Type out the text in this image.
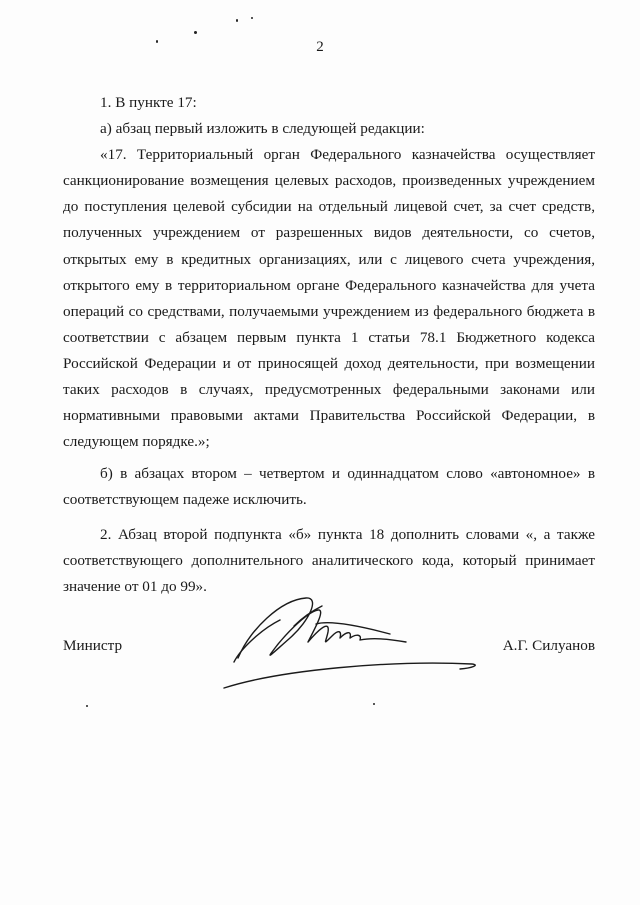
2

1. В пункте 17:

а) абзац первый изложить в следующей редакции:

«17. Территориальный орган Федерального казначейства осуществляет санкционирование возмещения целевых расходов, произведенных учреждением до поступления целевой субсидии на отдельный лицевой счет, за счет средств, полученных учреждением от разрешенных видов деятельности, со счетов, открытых ему в кредитных организациях, или с лицевого счета учреждения, открытого ему в территориальном органе Федерального казначейства для учета операций со средствами, получаемыми учреждением из федерального бюджета в соответствии с абзацем первым пункта 1 статьи 78.1 Бюджетного кодекса Российской Федерации и от приносящей доход деятельности, при возмещении таких расходов в случаях, предусмотренных федеральными законами или нормативными правовыми актами Правительства Российской Федерации, в следующем порядке.»;

б) в абзацах втором – четвертом и одиннадцатом слово «автономное» в соответствующем падеже исключить.

2. Абзац второй подпункта «б» пункта 18 дополнить словами «, а также соответствующего дополнительного аналитического кода, который принимает значение от 01 до 99».

Министр	А.Г. Силуанов
